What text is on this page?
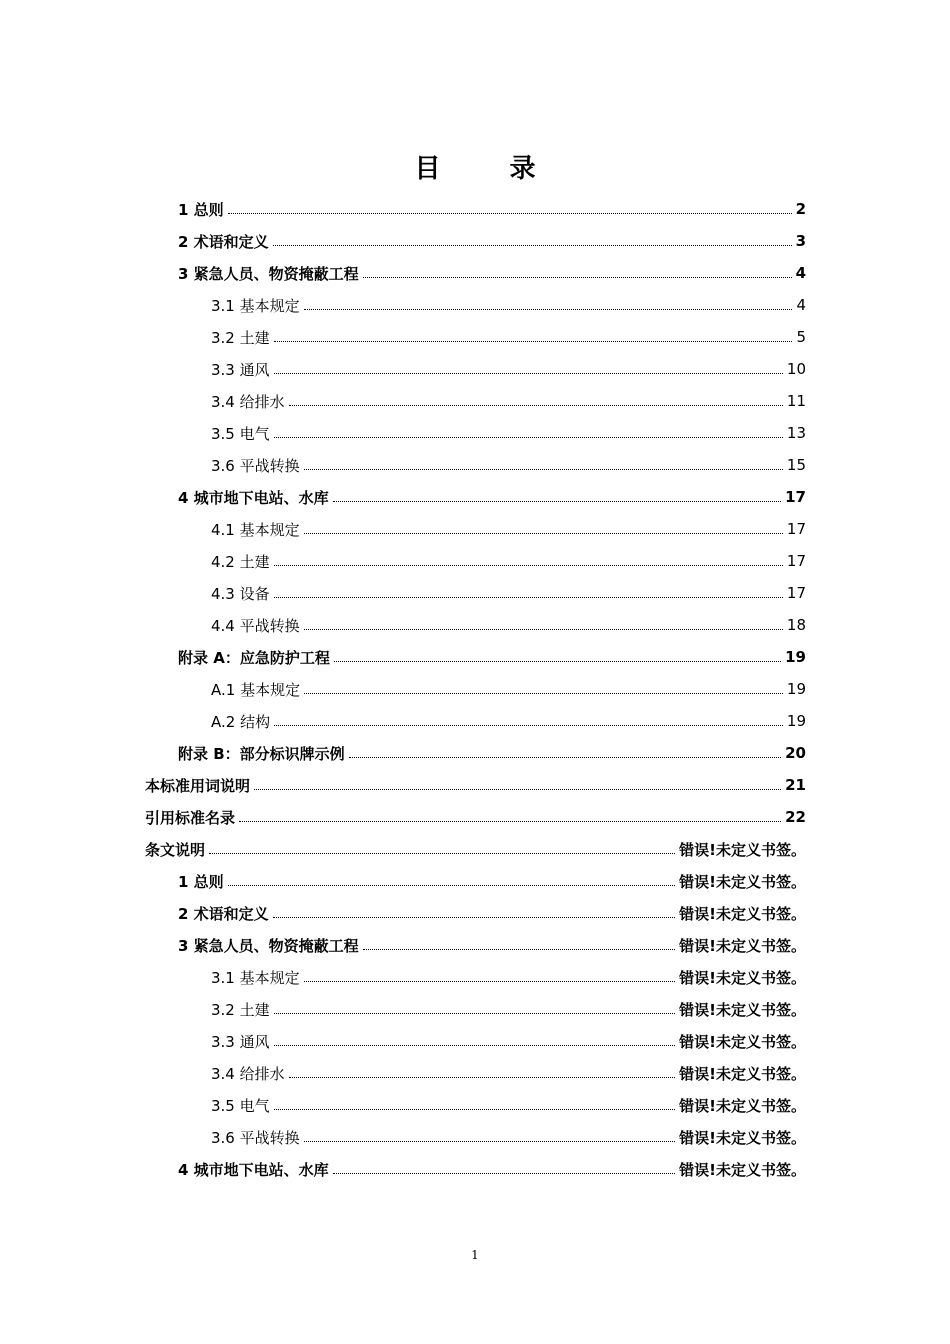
目 录
1 总则	2
2 术语和定义	3
3 紧急人员、物资掩蔽工程	4
3.1 基本规定	4
3.2 土建	5
3.3 通风	10
3.4 给排水	11
3.5 电气	13
3.6 平战转换	15
4 城市地下电站、水库	17
4.1 基本规定	17
4.2 土建	17
4.3 设备	17
4.4 平战转换	18
附录 A：应急防护工程	19
A.1 基本规定	19
A.2 结构	19
附录 B：部分标识牌示例	20
本标准用词说明	21
引用标准名录	22
条文说明	错误!未定义书签。
1 总则	错误!未定义书签。
2 术语和定义	错误!未定义书签。
3 紧急人员、物资掩蔽工程	错误!未定义书签。
3.1 基本规定	错误!未定义书签。
3.2 土建	错误!未定义书签。
3.3 通风	错误!未定义书签。
3.4 给排水	错误!未定义书签。
3.5 电气	错误!未定义书签。
3.6 平战转换	错误!未定义书签。
4 城市地下电站、水库	错误!未定义书签。
1
